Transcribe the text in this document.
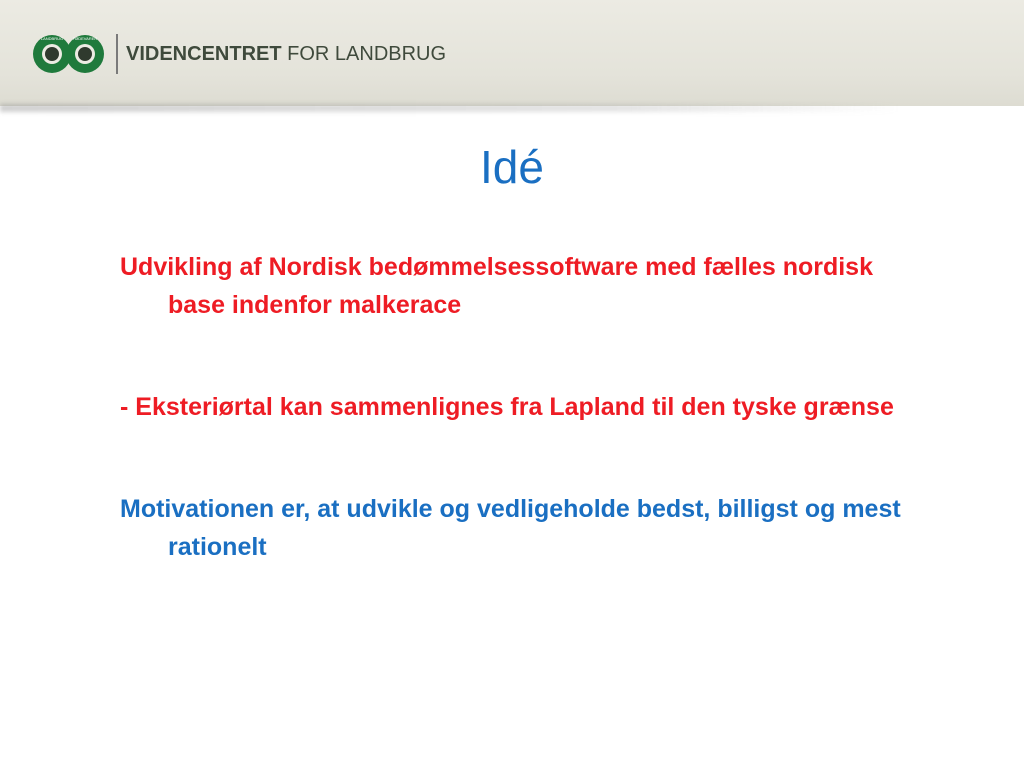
LANDBRUG FØDEVARER
VIDENCENTRET FOR LANDBRUG
Idé

Udvikling af Nordisk bedømmelsessoftware med fælles nordisk base indenfor malkerace

- Eksteriørtal kan sammenlignes fra Lapland til den tyske grænse

Motivationen er, at udvikle og vedligeholde bedst, billigst og mest rationelt
